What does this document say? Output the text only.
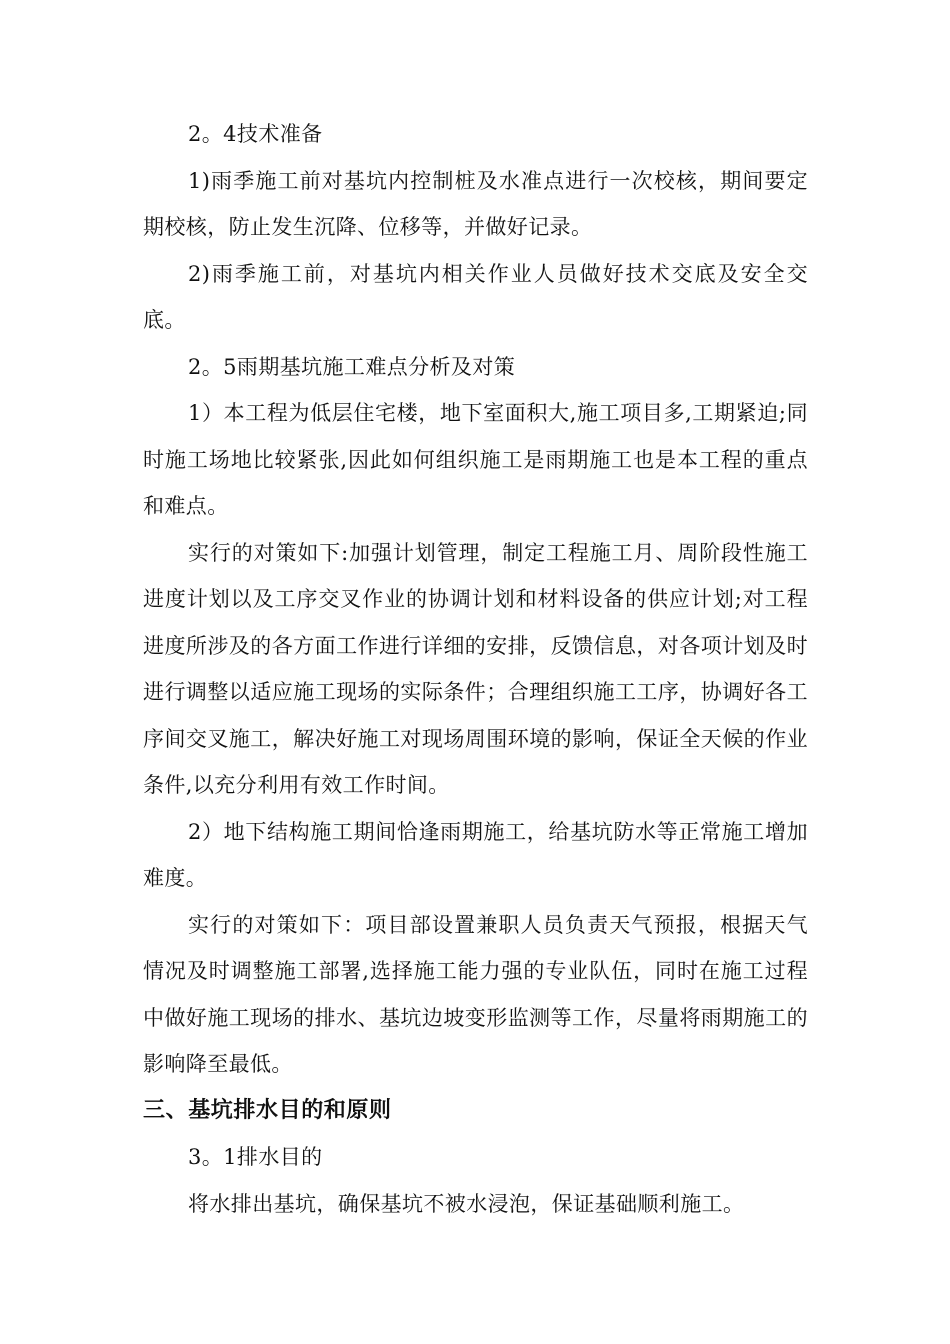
2。4技术准备

1)雨季施工前对基坑内控制桩及水准点进行一次校核，期间要定期校核，防止发生沉降、位移等，并做好记录。

2)雨季施工前，对基坑内相关作业人员做好技术交底及安全交底。

2。5雨期基坑施工难点分析及对策

1）本工程为低层住宅楼，地下室面积大,施工项目多,工期紧迫;同时施工场地比较紧张,因此如何组织施工是雨期施工也是本工程的重点和难点。

实行的对策如下:加强计划管理，制定工程施工月、周阶段性施工进度计划以及工序交叉作业的协调计划和材料设备的供应计划;对工程进度所涉及的各方面工作进行详细的安排，反馈信息，对各项计划及时进行调整以适应施工现场的实际条件；合理组织施工工序，协调好各工序间交叉施工，解决好施工对现场周围环境的影响，保证全天候的作业条件,以充分利用有效工作时间。

2）地下结构施工期间恰逢雨期施工，给基坑防水等正常施工增加难度。

实行的对策如下：项目部设置兼职人员负责天气预报，根据天气情况及时调整施工部署,选择施工能力强的专业队伍，同时在施工过程中做好施工现场的排水、基坑边坡变形监测等工作，尽量将雨期施工的影响降至最低。

三、基坑排水目的和原则

3。1排水目的

将水排出基坑，确保基坑不被水浸泡，保证基础顺利施工。
